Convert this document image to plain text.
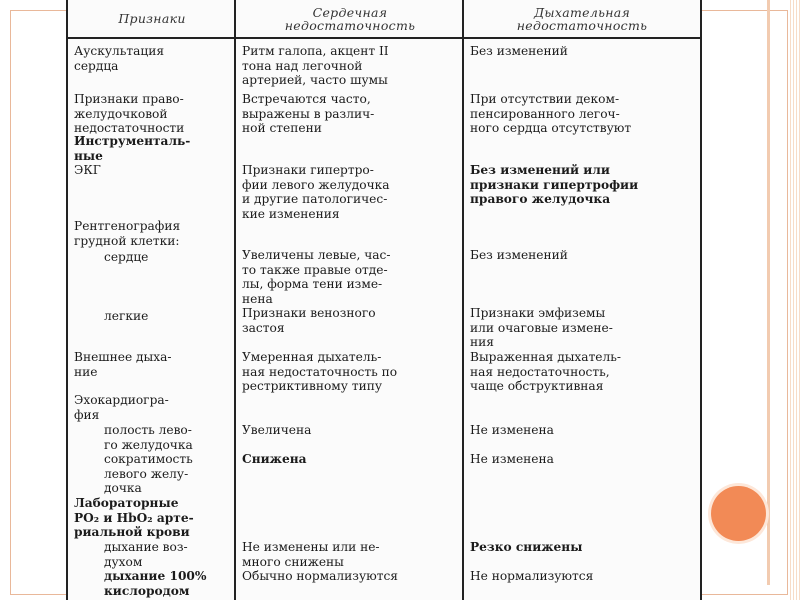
Признаки	Сердечная
недостаточность
Дыхательная
недостаточность
Аускультация
сердца
Признаки право-
желудочковой
недостаточности
Инструменталь-
ные
ЭКГ
Рентгенография
грудной клетки:
сердце
легкие
Внешнее дыха-
ние
Эхокардиогра-
фия
полость лево-
го желудочка
сократимость
левого желу-
дочка
Лабораторные
PO₂ и HbO₂ арте-
риальной крови
дыхание воз-
духом
дыхание 100%
кислородом
Ритм галопа, акцент II
тона над легочной
артерией, часто шумы
Встречаются часто,
выражены в различ-
ной степени
Признаки гипертро-
фии левого желудочка
и другие патологичес-
кие изменения
Увеличены левые, час-
то также правые отде-
лы, форма тени изме-
нена
Признаки венозного
застоя
Умеренная дыхатель-
ная недостаточность по
рестриктивному типу
Увеличена
Снижена
Не изменены или не-
много снижены
Обычно нормализуются
Без изменений
При отсутствии деком-
пенсированного легоч-
ного сердца отсутствуют
Без изменений или
признаки гипертрофии
правого желудочка
Без изменений
Признаки эмфиземы
или очаговые измене-
ния
Выраженная дыхатель-
ная недостаточность,
чаще обструктивная
Не изменена
Не изменена
Резко снижены
Не нормализуются
